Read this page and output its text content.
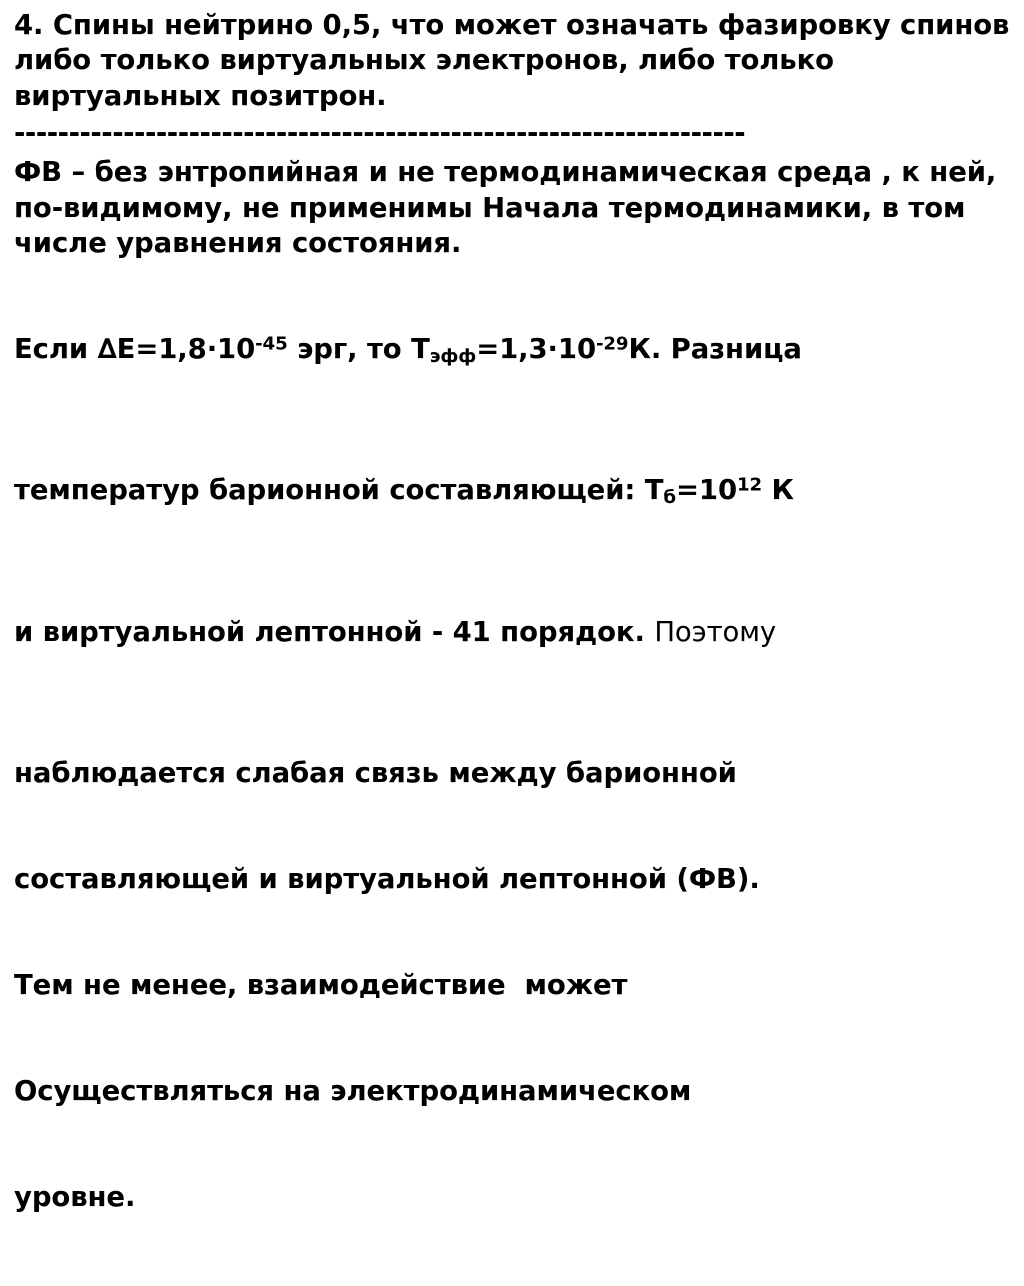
4. Спины нейтрино 0,5, что может означать фазировку спинов либо только виртуальных электронов, либо только виртуальных позитрон.

-------------------------------------------------------------------

ФВ – без энтропийная и не термодинамическая среда , к ней, по-видимому, не применимы Начала термодинамики, в том числе уравнения состояния.

Если $\Delta E=1,8\cdot 10^{-45}$ эрг, то $Т_{эфф}=1,3\cdot 10^{-29}К$. Разница

температур барионной составляющей: $Т_б=10^{12}$ К

и виртуальной лептонной - 41 порядок. Поэтому

наблюдается слабая связь между барионной

составляющей и виртуальной лептонной (ФВ).

Тем не менее, взаимодействие  может

Осуществляться на электродинамическом

уровне.
